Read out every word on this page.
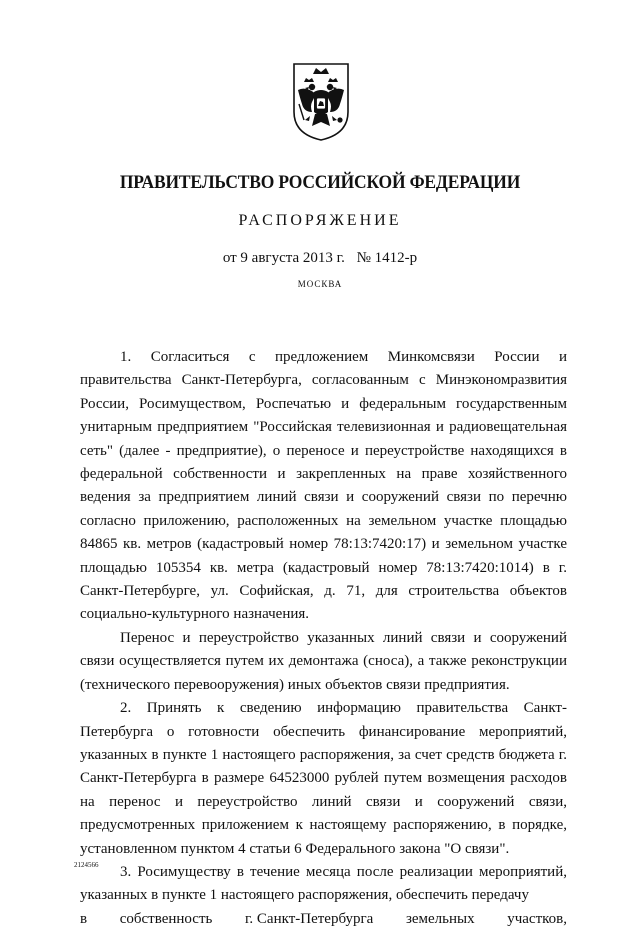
ПРАВИТЕЛЬСТВО РОССИЙСКОЙ ФЕДЕРАЦИИ
РАСПОРЯЖЕНИЕ
от 9 августа 2013 г. № 1412-р
МОСКВА

1. Согласиться с предложением Минкомсвязи России и правительства Санкт-Петербурга, согласованным с Минэкономразвития России, Росимуществом, Роспечатью и федеральным государственным унитарным предприятием "Российская телевизионная и радиовещательная сеть" (далее - предприятие), о переносе и переустройстве находящихся в федеральной собственности и закрепленных на праве хозяйственного ведения за предприятием линий связи и сооружений связи по перечню согласно приложению, расположенных на земельном участке площадью 84865 кв. метров (кадастровый номер 78:13:7420:17) и земельном участке площадью 105354 кв. метра (кадастровый номер 78:13:7420:1014) в г. Санкт-Петербурге, ул. Софийская, д. 71, для строительства объектов социально-культурного назначения.

Перенос и переустройство указанных линий связи и сооружений связи осуществляется путем их демонтажа (сноса), а также реконструкции (технического перевооружения) иных объектов связи предприятия.

2. Принять к сведению информацию правительства Санкт-Петербурга о готовности обеспечить финансирование мероприятий, указанных в пункте 1 настоящего распоряжения, за счет средств бюджета г. Санкт-Петербурга в размере 64523000 рублей путем возмещения расходов на перенос и переустройство линий связи и сооружений связи, предусмотренных приложением к настоящему распоряжению, в порядке, установленном пунктом 4 статьи 6 Федерального закона "О связи".

3. Росимуществу в течение месяца после реализации мероприятий, указанных в пункте 1 настоящего распоряжения, обеспечить передачу

в собственность г. Санкт-Петербурга земельных участков,

2124566
